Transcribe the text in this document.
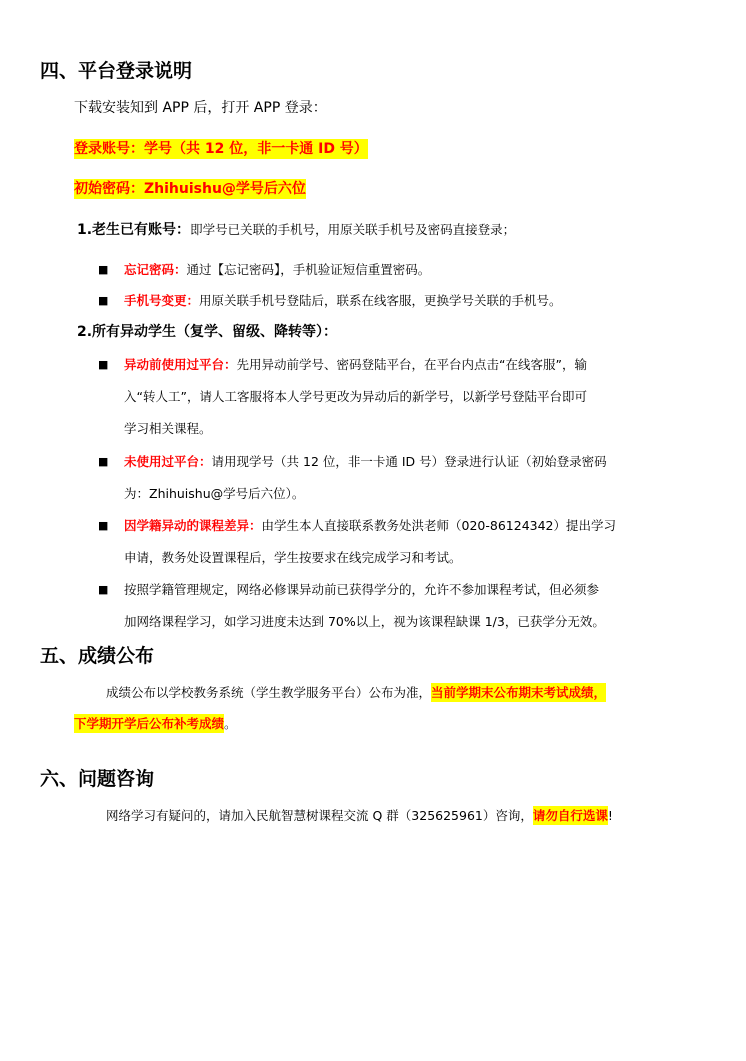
四、平台登录说明
下载安装知到 APP 后，打开 APP 登录：
登录账号：学号（共 12 位，非一卡通 ID 号）
初始密码：Zhihuishu@学号后六位
1.老生已有账号：即学号已关联的手机号，用原关联手机号及密码直接登录；
■ 忘记密码：通过【忘记密码】，手机验证短信重置密码。
■ 手机号变更：用原关联手机号登陆后，联系在线客服，更换学号关联的手机号。
2.所有异动学生（复学、留级、降转等）：
■ 异动前使用过平台：先用异动前学号、密码登陆平台，在平台内点击“在线客服”，输
入“转人工”，请人工客服将本人学号更改为异动后的新学号，以新学号登陆平台即可
学习相关课程。
■ 未使用过平台：请用现学号（共 12 位，非一卡通 ID 号）登录进行认证（初始登录密码
为：Zhihuishu@学号后六位）。
■ 因学籍异动的课程差异：由学生本人直接联系教务处洪老师（020-86124342）提出学习
申请，教务处设置课程后，学生按要求在线完成学习和考试。
■ 按照学籍管理规定，网络必修课异动前已获得学分的，允许不参加课程考试，但必须参
加网络课程学习，如学习进度未达到 70%以上，视为该课程缺课 1/3，已获学分无效。
五、成绩公布
成绩公布以学校教务系统（学生教学服务平台）公布为准，当前学期末公布期末考试成绩，
下学期开学后公布补考成绩。
六、问题咨询
网络学习有疑问的，请加入民航智慧树课程交流 Q 群（325625961）咨询，请勿自行选课!
